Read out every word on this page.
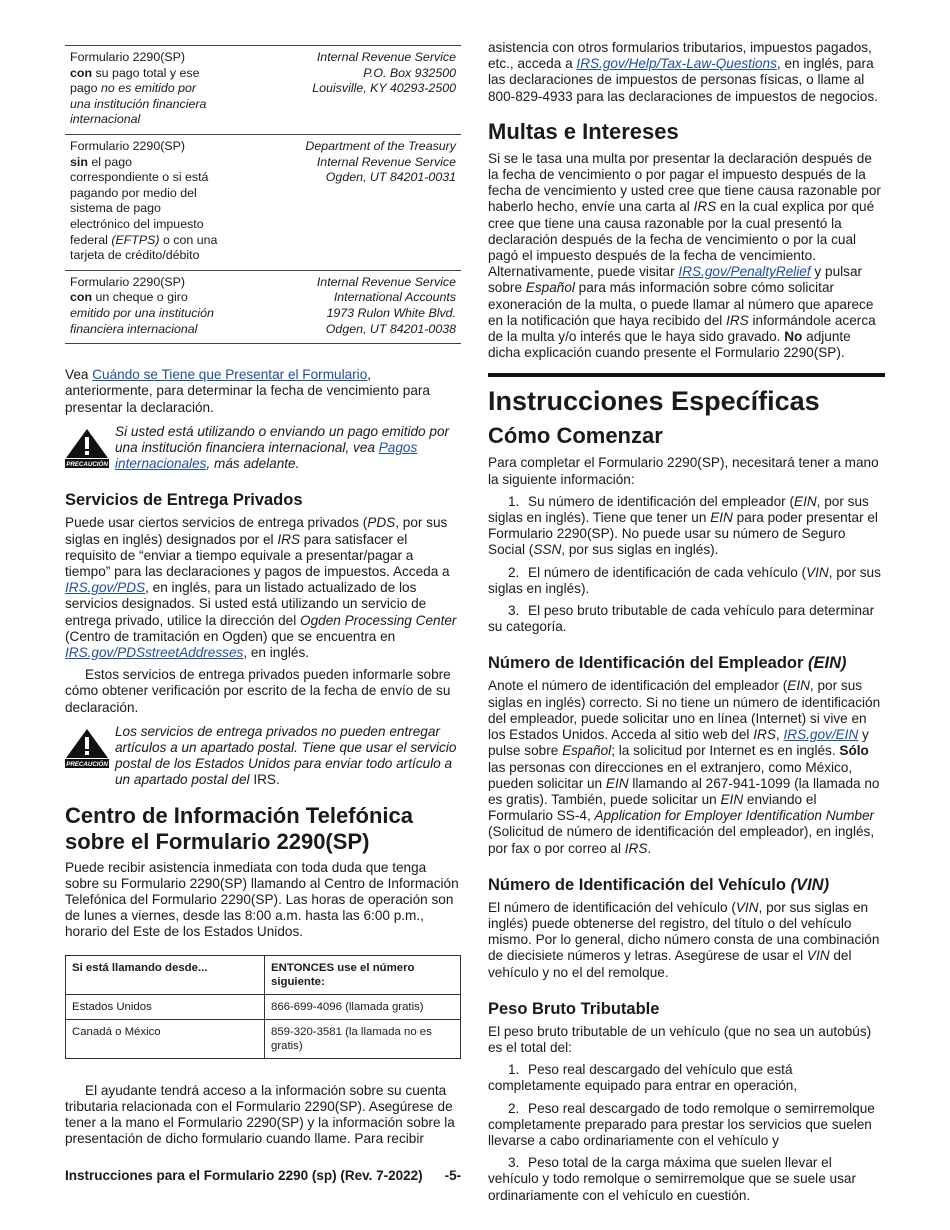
Formulario 2290(SP)
con su pago total y ese pago no es emitido por una institución financiera internacional	Internal Revenue Service
P.O. Box 932500
Louisville, KY 40293-2500
Formulario 2290(SP)
sin el pago correspondiente o si está pagando por medio del sistema de pago electrónico del impuesto federal (EFTPS) o con una tarjeta de crédito/débito	Department of the Treasury
Internal Revenue Service
Ogden, UT 84201-0031
Formulario 2290(SP)
con un cheque o giro emitido por una institución financiera internacional	Internal Revenue Service
International Accounts
1973 Rulon White Blvd.
Odgen, UT 84201-0038

Vea Cuándo se Tiene que Presentar el Formulario, anteriormente, para determinar la fecha de vencimiento para presentar la declaración.

PRECAUCIÓN
Si usted está utilizando o enviando un pago emitido por una institución financiera internacional, vea Pagos internacionales, más adelante.
Servicios de Entrega Privados

Puede usar ciertos servicios de entrega privados (PDS, por sus siglas en inglés) designados por el IRS para satisfacer el requisito de “enviar a tiempo equivale a presentar/pagar a tiempo” para las declaraciones y pagos de impuestos. Acceda a IRS.gov/PDS, en inglés, para un listado actualizado de los servicios designados. Si usted está utilizando un servicio de entrega privado, utilice la dirección del Ogden Processing Center (Centro de tramitación en Ogden) que se encuentra en IRS.gov/PDSstreetAddresses, en inglés.

Estos servicios de entrega privados pueden informarle sobre cómo obtener verificación por escrito de la fecha de envío de su declaración.

PRECAUCIÓN
Los servicios de entrega privados no pueden entregar artículos a un apartado postal. Tiene que usar el servicio postal de los Estados Unidos para enviar todo artículo a un apartado postal del IRS.
Centro de Información Telefónica sobre el Formulario 2290(SP)

Puede recibir asistencia inmediata con toda duda que tenga sobre su Formulario 2290(SP) llamando al Centro de Información Telefónica del Formulario 2290(SP). Las horas de operación son de lunes a viernes, desde las 8:00 a.m. hasta las 6:00 p.m., horario del Este de los Estados Unidos.

Si está llamando desde...	ENTONCES use el número siguiente:
Estados Unidos	866-699-4096 (llamada gratis)
Canadá o México	859-320-3581 (la llamada no es gratis)

El ayudante tendrá acceso a la información sobre su cuenta tributaria relacionada con el Formulario 2290(SP). Asegúrese de tener a la mano el Formulario 2290(SP) y la información sobre la presentación de dicho formulario cuando llame. Para recibir

asistencia con otros formularios tributarios, impuestos pagados, etc., acceda a IRS.gov/Help/Tax-Law-Questions, en inglés, para las declaraciones de impuestos de personas físicas, o llame al 800-829-4933 para las declaraciones de impuestos de negocios.

Multas e Intereses

Si se le tasa una multa por presentar la declaración después de la fecha de vencimiento o por pagar el impuesto después de la fecha de vencimiento y usted cree que tiene causa razonable por haberlo hecho, envíe una carta al IRS en la cual explica por qué cree que tiene una causa razonable por la cual presentó la declaración después de la fecha de vencimiento o por la cual pagó el impuesto después de la fecha de vencimiento. Alternativamente, puede visitar IRS.gov/PenaltyRelief y pulsar sobre Español para más información sobre cómo solicitar exoneración de la multa, o puede llamar al número que aparece en la notificación que haya recibido del IRS informándole acerca de la multa y/o interés que le haya sido gravado. No adjunte dicha explicación cuando presente el Formulario 2290(SP).

Instrucciones Específicas
Cómo Comenzar

Para completar el Formulario 2290(SP), necesitará tener a mano la siguiente información:

1. Su número de identificación del empleador (EIN, por sus siglas en inglés). Tiene que tener un EIN para poder presentar el Formulario 2290(SP). No puede usar su número de Seguro Social (SSN, por sus siglas en inglés).

2. El número de identificación de cada vehículo (VIN, por sus siglas en inglés).

3. El peso bruto tributable de cada vehículo para determinar su categoría.

Número de Identificación del Empleador (EIN)

Anote el número de identificación del empleador (EIN, por sus siglas en inglés) correcto. Si no tiene un número de identificación del empleador, puede solicitar uno en línea (Internet) si vive en los Estados Unidos. Acceda al sitio web del IRS, IRS.gov/EIN y pulse sobre Español; la solicitud por Internet es en inglés. Sólo las personas con direcciones en el extranjero, como México, pueden solicitar un EIN llamando al 267-941-1099 (la llamada no es gratis). También, puede solicitar un EIN enviando el Formulario SS-4, Application for Employer Identification Number (Solicitud de número de identificación del empleador), en inglés, por fax o por correo al IRS.

Número de Identificación del Vehículo (VIN)

El número de identificación del vehículo (VIN, por sus siglas en inglés) puede obtenerse del registro, del título o del vehículo mismo. Por lo general, dicho número consta de una combinación de diecisiete números y letras. Asegúrese de usar el VIN del vehículo y no el del remolque.

Peso Bruto Tributable

El peso bruto tributable de un vehículo (que no sea un autobús) es el total del:

1. Peso real descargado del vehículo que está completamente equipado para entrar en operación,

2. Peso real descargado de todo remolque o semirremolque completamente preparado para prestar los servicios que suelen llevarse a cabo ordinariamente con el vehículo y

3. Peso total de la carga máxima que suelen llevar el vehículo y todo remolque o semirremolque que se suele usar ordinariamente con el vehículo en cuestión.

Instrucciones para el Formulario 2290 (sp) (Rev. 7-2022) -5-
